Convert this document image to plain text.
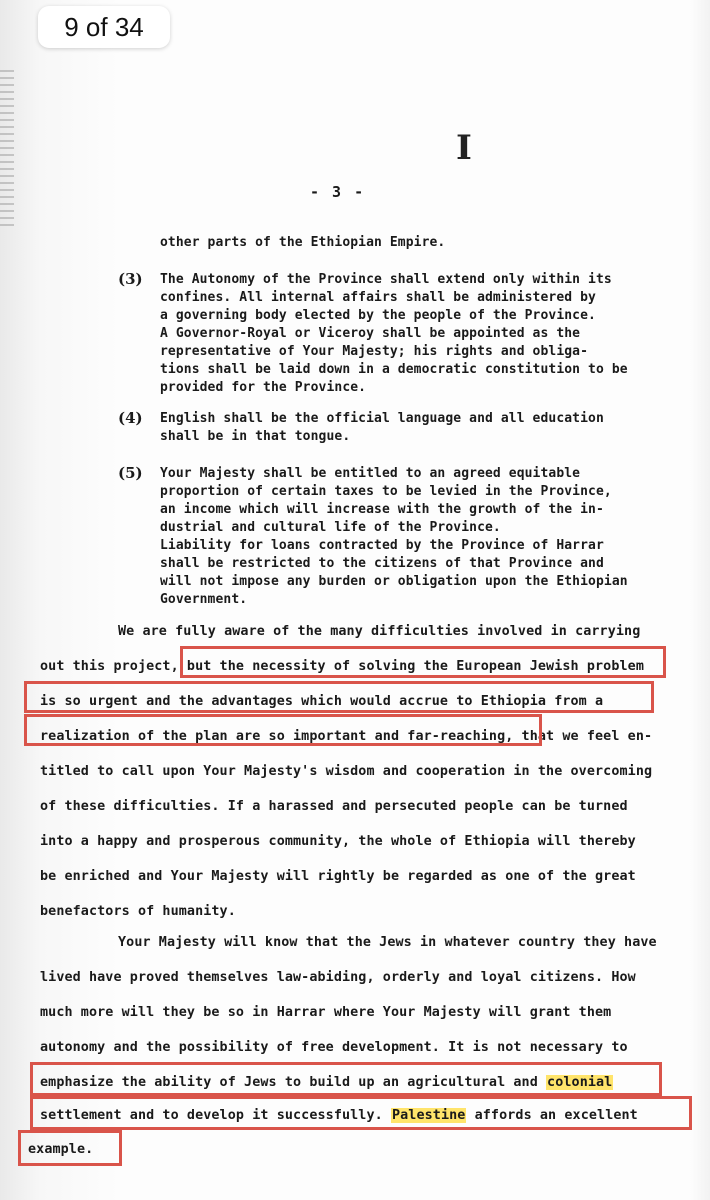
9 of 34
I
- 3 -
other parts of the Ethiopian Empire.
(3) The Autonomy of the Province shall extend only within its
confines. All internal affairs shall be administered by
a governing body elected by the people of the Province.
A Governor-Royal or Viceroy shall be appointed as the
representative of Your Majesty; his rights and obliga-
tions shall be laid down in a democratic constitution to be
provided for the Province.
(4) English shall be the official language and all education
shall be in that tongue.
(5) Your Majesty shall be entitled to an agreed equitable
proportion of certain taxes to be levied in the Province,
an income which will increase with the growth of the in-
dustrial and cultural life of the Province.
Liability for loans contracted by the Province of Harrar
shall be restricted to the citizens of that Province and
will not impose any burden or obligation upon the Ethiopian
Government.
We are fully aware of the many difficulties involved in carrying
out this project, but the necessity of solving the European Jewish problem
is so urgent and the advantages which would accrue to Ethiopia from a
realization of the plan are so important and far-reaching, that we feel en-
titled to call upon Your Majesty's wisdom and cooperation in the overcoming
of these difficulties. If a harassed and persecuted people can be turned
into a happy and prosperous community, the whole of Ethiopia will thereby
be enriched and Your Majesty will rightly be regarded as one of the great
benefactors of humanity.
Your Majesty will know that the Jews in whatever country they have
lived have proved themselves law-abiding, orderly and loyal citizens. How
much more will they be so in Harrar where Your Majesty will grant them
autonomy and the possibility of free development. It is not necessary to
emphasize the ability of Jews to build up an agricultural and colonial
settlement and to develop it successfully. Palestine affords an excellent
example.
